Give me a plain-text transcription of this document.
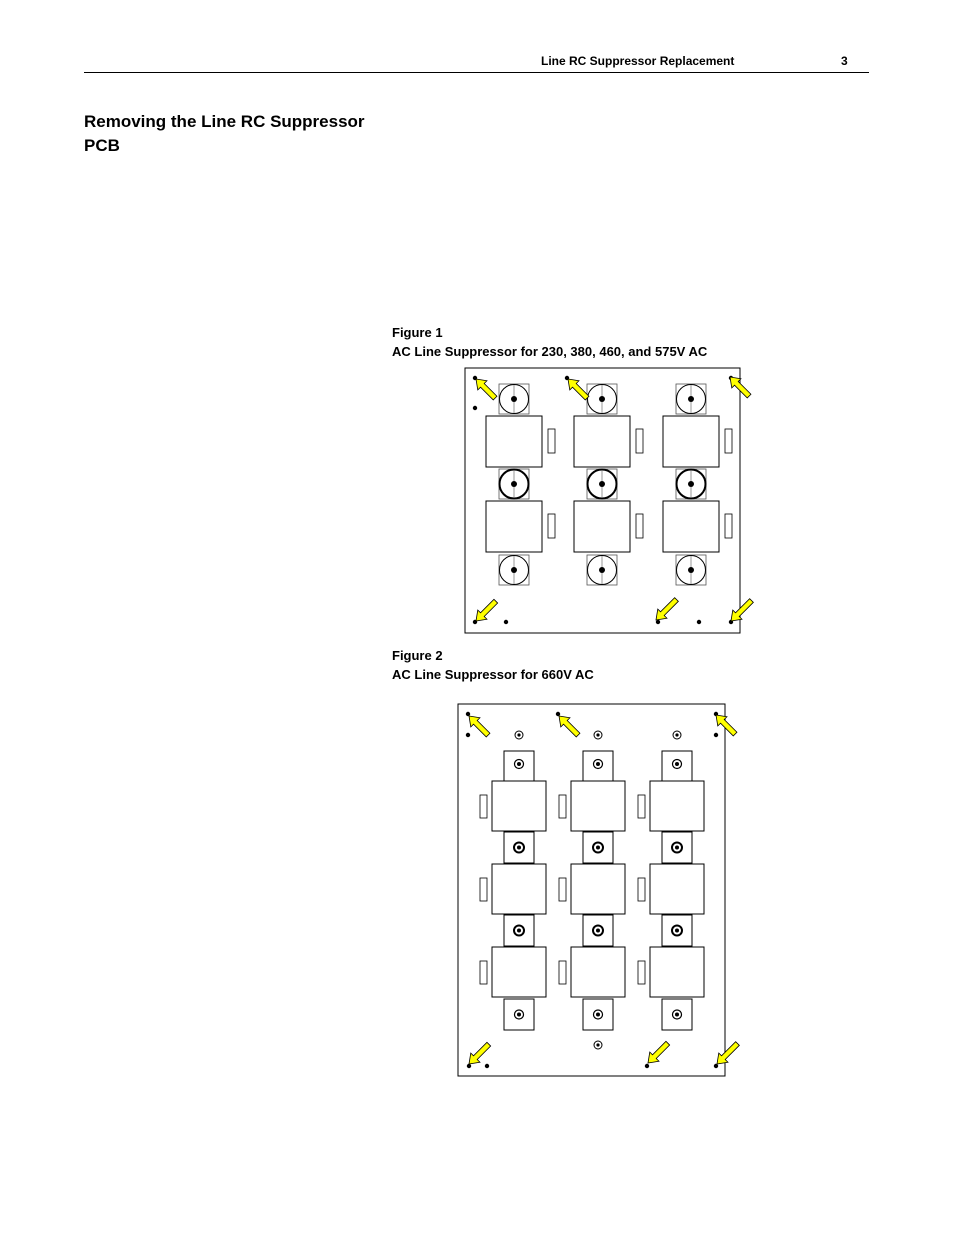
Line RC Suppressor Replacement	3
Removing the Line RC Suppressor PCB
Figure 1
AC Line Suppressor for 230, 380, 460, and 575V AC
Figure 2
AC Line Suppressor for 660V AC
